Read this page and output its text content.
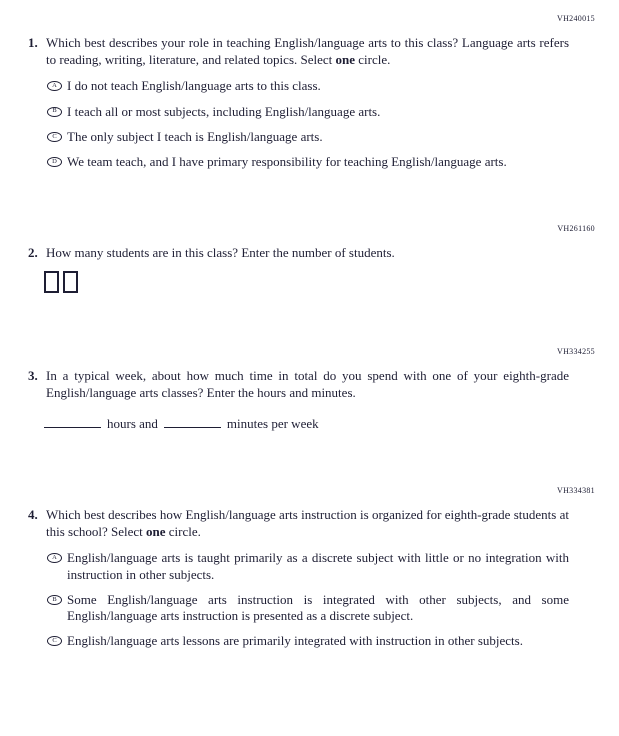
VH240015
1. Which best describes your role in teaching English/language arts to this class? Language arts refers to reading, writing, literature, and related topics. Select one circle.
A I do not teach English/language arts to this class.
B I teach all or most subjects, including English/language arts.
C The only subject I teach is English/language arts.
D We team teach, and I have primary responsibility for teaching English/language arts.
VH261160
2. How many students are in this class? Enter the number of students.
VH334255
3. In a typical week, about how much time in total do you spend with one of your eighth-grade English/language arts classes? Enter the hours and minutes.
hours and	minutes per week
VH334381
4. Which best describes how English/language arts instruction is organized for eighth-grade students at this school? Select one circle.
A English/language arts is taught primarily as a discrete subject with little or no integration with instruction in other subjects.
B Some English/language arts instruction is integrated with other subjects, and some English/language arts instruction is presented as a discrete subject.
C English/language arts lessons are primarily integrated with instruction in other subjects.
